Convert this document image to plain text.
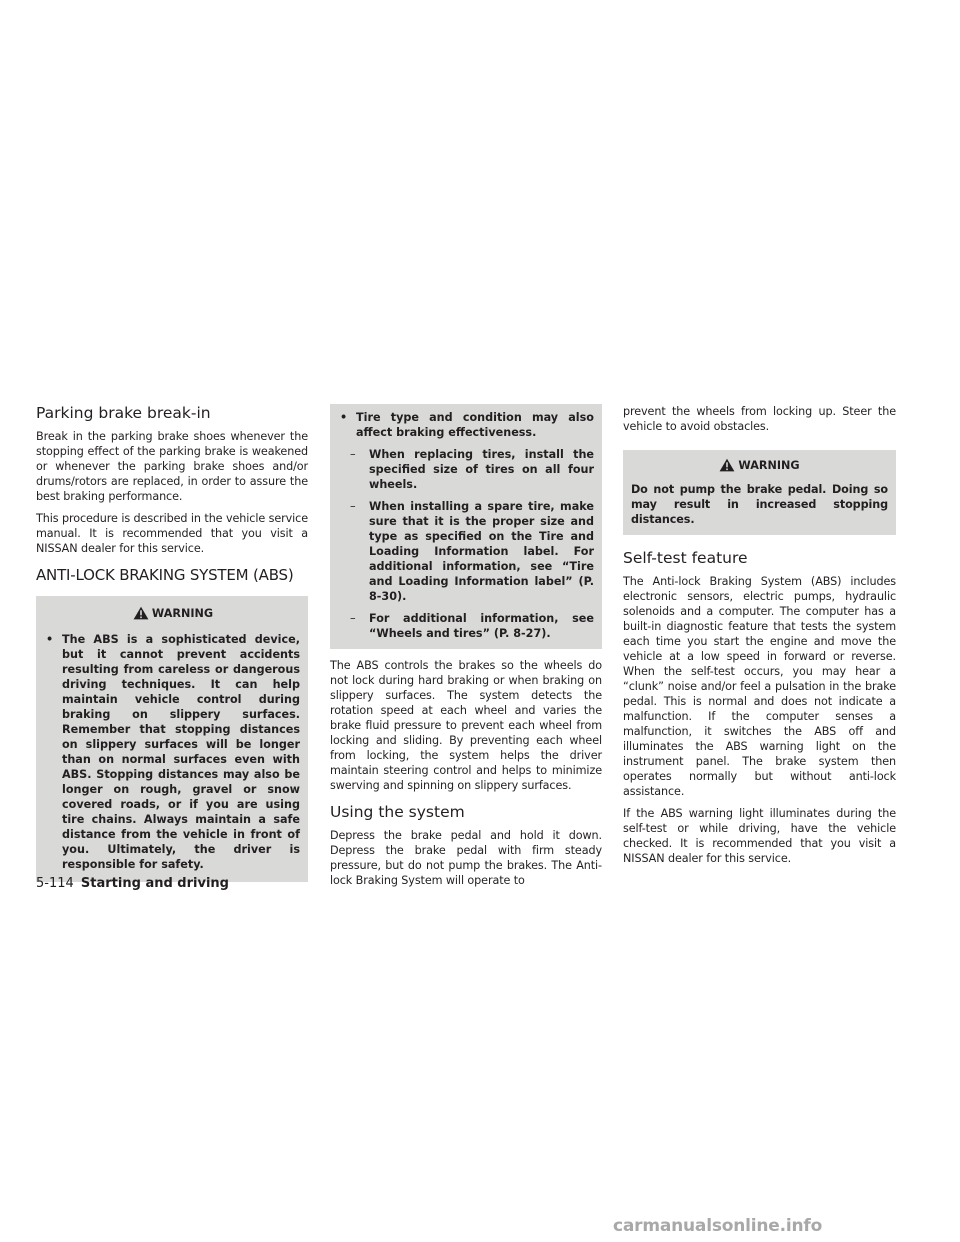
Parking brake break-in

Break in the parking brake shoes whenever the stopping effect of the parking brake is weakened or whenever the parking brake shoes and/or drums/rotors are replaced, in order to assure the best braking performance.

This procedure is described in the vehicle service manual. It is recommended that you visit a NISSAN dealer for this service.

ANTI-LOCK BRAKING SYSTEM (ABS)
WARNING
• The ABS is a sophisticated device, but it cannot prevent accidents resulting from careless or dangerous driving techniques. It can help maintain vehicle control during braking on slippery surfaces. Remember that stopping distances on slippery surfaces will be longer than on normal surfaces even with ABS. Stopping distances may also be longer on rough, gravel or snow covered roads, or if you are using tire chains. Always maintain a safe distance from the vehicle in front of you. Ultimately, the driver is responsible for safety.
• Tire type and condition may also affect braking effectiveness.
–	When replacing tires, install the specified size of tires on all four wheels.
–	When installing a spare tire, make sure that it is the proper size and type as specified on the Tire and Loading Information label. For additional information, see “Tire and Loading Information label” (P. 8-30).
–	For additional information, see “Wheels and tires” (P. 8-27).

The ABS controls the brakes so the wheels do not lock during hard braking or when braking on slippery surfaces. The system detects the rotation speed at each wheel and varies the brake fluid pressure to prevent each wheel from locking and sliding. By preventing each wheel from locking, the system helps the driver maintain steering control and helps to minimize swerving and spinning on slippery surfaces.

Using the system

Depress the brake pedal and hold it down. Depress the brake pedal with firm steady pressure, but do not pump the brakes. The Anti-lock Braking System will operate to

prevent the wheels from locking up. Steer the vehicle to avoid obstacles.

WARNING

Do not pump the brake pedal. Doing so may result in increased stopping distances.

Self-test feature

The Anti-lock Braking System (ABS) includes electronic sensors, electric pumps, hydraulic solenoids and a computer. The computer has a built-in diagnostic feature that tests the system each time you start the engine and move the vehicle at a low speed in forward or reverse. When the self-test occurs, you may hear a “clunk” noise and/or feel a pulsation in the brake pedal. This is normal and does not indicate a malfunction. If the computer senses a malfunction, it switches the ABS off and illuminates the ABS warning light on the instrument panel. The brake system then operates normally but without anti-lock assistance.

If the ABS warning light illuminates during the self-test or while driving, have the vehicle checked. It is recommended that you visit a NISSAN dealer for this service.

5-114 Starting and driving
carmanualsonline.info
